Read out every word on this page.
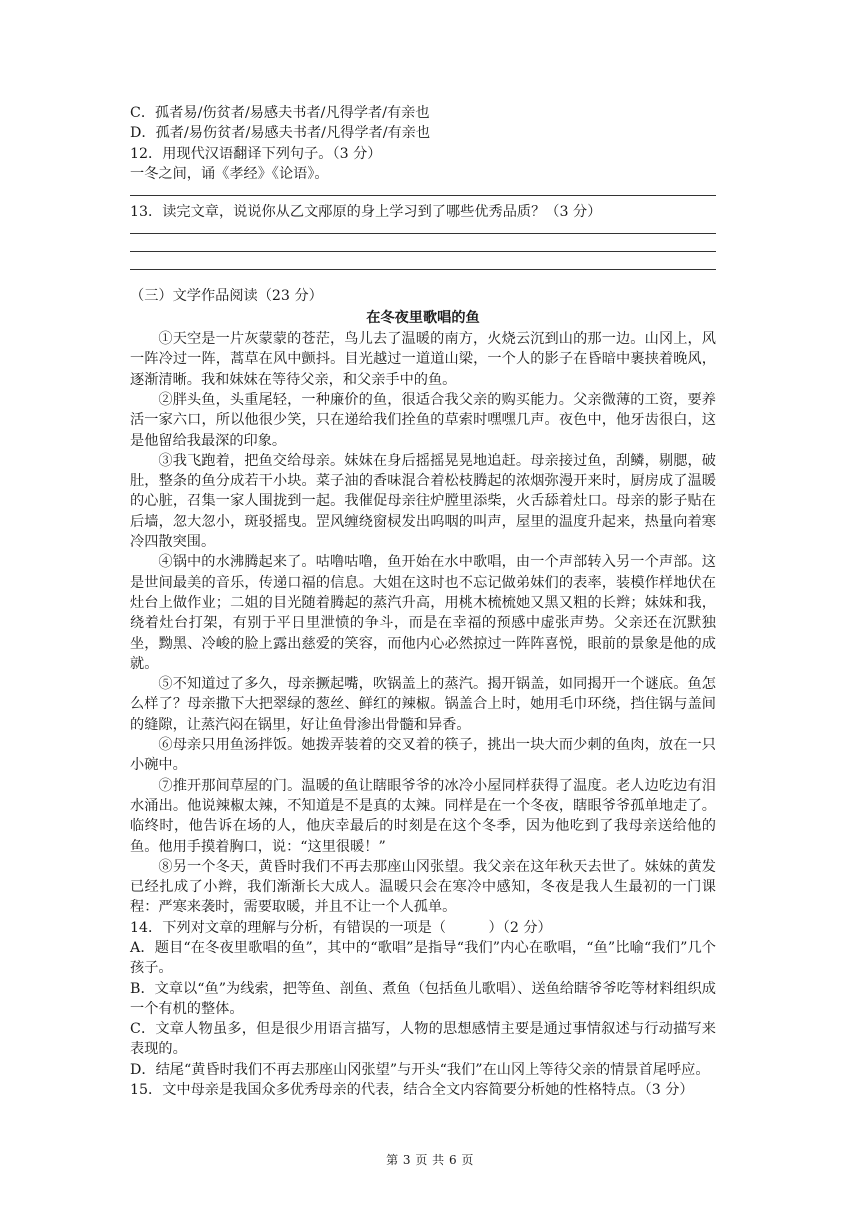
C．孤者易/伤贫者/易感夫书者/凡得学者/有亲也

D．孤者/易伤贫者/易感夫书者/凡得学者/有亲也

12．用现代汉语翻译下列句子。（3 分）

一冬之间，诵《孝经》《论语》。

13．读完文章，说说你从乙文邴原的身上学习到了哪些优秀品质？（3 分）

（三）文学作品阅读（23 分）

在冬夜里歌唱的鱼

①天空是一片灰蒙蒙的苍茫，鸟儿去了温暖的南方，火烧云沉到山的那一边。山冈上，风一阵冷过一阵，蒿草在风中颤抖。目光越过一道道山梁，一个人的影子在昏暗中裹挟着晚风，逐渐清晰。我和妹妹在等待父亲，和父亲手中的鱼。

②胖头鱼，头重尾轻，一种廉价的鱼，很适合我父亲的购买能力。父亲微薄的工资，要养活一家六口，所以他很少笑，只在递给我们拴鱼的草索时嘿嘿几声。夜色中，他牙齿很白，这是他留给我最深的印象。

③我飞跑着，把鱼交给母亲。妹妹在身后摇摇晃晃地追赶。母亲接过鱼，刮鳞，剔腮，破肚，整条的鱼分成若干小块。菜子油的香味混合着松枝腾起的浓烟弥漫开来时，厨房成了温暖的心脏，召集一家人围拢到一起。我催促母亲往炉膛里添柴，火舌舔着灶口。母亲的影子贴在后墙，忽大忽小，斑驳摇曳。罡风缠绕窗棂发出呜咽的叫声，屋里的温度升起来，热量向着寒冷四散突围。

④锅中的水沸腾起来了。咕噜咕噜，鱼开始在水中歌唱，由一个声部转入另一个声部。这是世间最美的音乐，传递口福的信息。大姐在这时也不忘记做弟妹们的表率，装模作样地伏在灶台上做作业；二姐的目光随着腾起的蒸汽升高，用桃木梳梳她又黑又粗的长辫；妹妹和我，绕着灶台打架，有别于平日里泄愤的争斗，而是在幸福的预感中虚张声势。父亲还在沉默独坐，黝黑、冷峻的脸上露出慈爱的笑容，而他内心必然掠过一阵阵喜悦，眼前的景象是他的成就。

⑤不知道过了多久，母亲撅起嘴，吹锅盖上的蒸汽。揭开锅盖，如同揭开一个谜底。鱼怎么样了？母亲撒下大把翠绿的葱丝、鲜红的辣椒。锅盖合上时，她用毛巾环绕，挡住锅与盖间的缝隙，让蒸汽闷在锅里，好让鱼骨渗出骨髓和异香。

⑥母亲只用鱼汤拌饭。她拨弄装着的交叉着的筷子，挑出一块大而少刺的鱼肉，放在一只小碗中。

⑦推开那间草屋的门。温暖的鱼让瞎眼爷爷的冰冷小屋同样获得了温度。老人边吃边有泪水涌出。他说辣椒太辣，不知道是不是真的太辣。同样是在一个冬夜，瞎眼爷爷孤单地走了。临终时，他告诉在场的人，他庆幸最后的时刻是在这个冬季，因为他吃到了我母亲送给他的鱼。他用手摸着胸口，说：“这里很暖！”

⑧另一个冬天，黄昏时我们不再去那座山冈张望。我父亲在这年秋天去世了。妹妹的黄发已经扎成了小辫，我们渐渐长大成人。温暖只会在寒冷中感知，冬夜是我人生最初的一门课程：严寒来袭时，需要取暖，并且不让一个人孤单。

14．下列对文章的理解与分析，有错误的一项是（　　　）（2 分）

A．题目“在冬夜里歌唱的鱼”，其中的“歌唱”是指导“我们”内心在歌唱，“鱼”比喻“我们”几个孩子。

B．文章以“鱼”为线索，把等鱼、剖鱼、煮鱼（包括鱼儿歌唱）、送鱼给瞎爷爷吃等材料组织成一个有机的整体。

C．文章人物虽多，但是很少用语言描写，人物的思想感情主要是通过事情叙述与行动描写来表现的。

D．结尾“黄昏时我们不再去那座山冈张望”与开头“我们”在山冈上等待父亲的情景首尾呼应。

15．文中母亲是我国众多优秀母亲的代表，结合全文内容简要分析她的性格特点。（3 分）

第 3 页 共 6 页
